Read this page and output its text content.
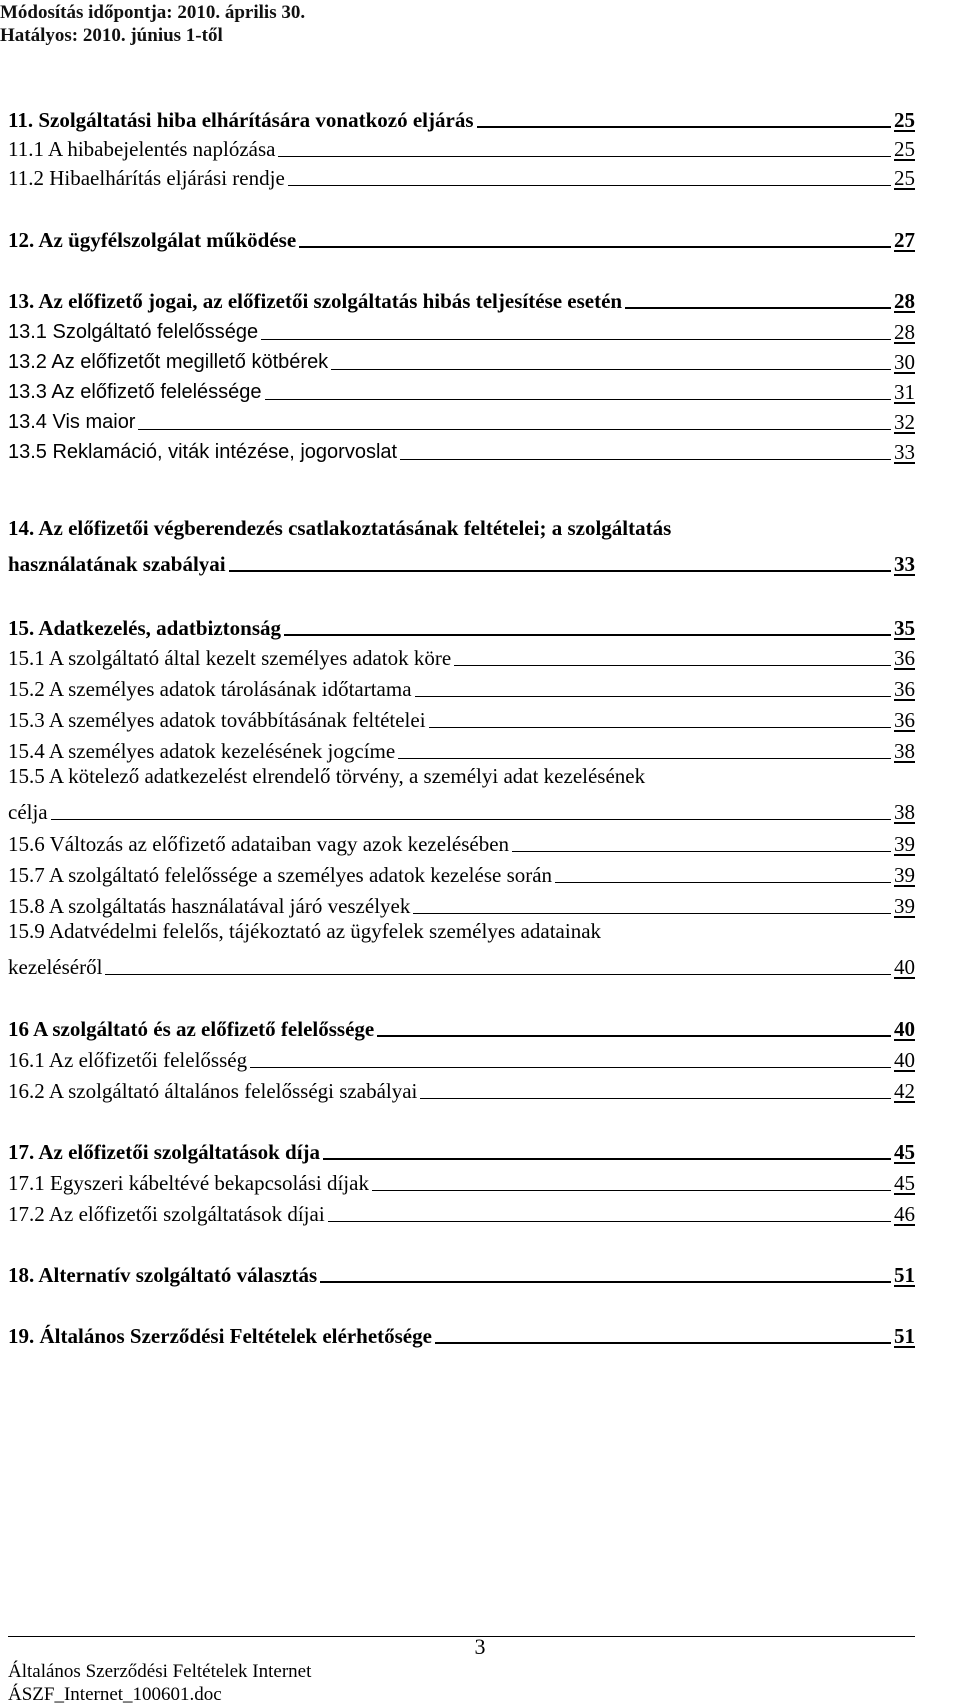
Módosítás időpontja: 2010. április 30.
Hatályos: 2010. június 1-től
11. Szolgáltatási hiba elhárítására vonatkozó eljárás	25
11.1 A hibabejelentés naplózása	25
11.2 Hibaelhárítás eljárási rendje	25
12. Az ügyfélszolgálat működése	27
13. Az előfizető jogai, az előfizetői szolgáltatás hibás teljesítése esetén	28
13.1 Szolgáltató felelőssége	28
13.2 Az előfizetőt megillető kötbérek	30
13.3 Az előfizető feleléssége	31
13.4 Vis maior	32
13.5 Reklamáció, viták intézése, jogorvoslat	33
14. Az előfizetői végberendezés csatlakoztatásának feltételei; a szolgáltatás
használatának szabályai	33
15. Adatkezelés, adatbiztonság	35
15.1 A szolgáltató által kezelt személyes adatok köre	36
15.2 A személyes adatok tárolásának időtartama	36
15.3 A személyes adatok továbbításának feltételei	36
15.4 A személyes adatok kezelésének jogcíme	38
15.5 A kötelező adatkezelést elrendelő törvény, a személyi adat kezelésének
célja	38
15.6 Változás az előfizető adataiban vagy azok kezelésében	39
15.7 A szolgáltató felelőssége a személyes adatok kezelése során	39
15.8 A szolgáltatás használatával járó veszélyek	39
15.9 Adatvédelmi felelős, tájékoztató az ügyfelek személyes adatainak
kezeléséről	40
16 A szolgáltató és az előfizető felelőssége	40
16.1 Az előfizetői felelősség	40
16.2 A szolgáltató általános felelősségi szabályai	42
17. Az előfizetői szolgáltatások díja	45
17.1 Egyszeri kábeltévé bekapcsolási díjak	45
17.2 Az előfizetői szolgáltatások díjai	46
18. Alternatív szolgáltató választás	51
19. Általános Szerződési Feltételek elérhetősége	51
3
Általános Szerződési Feltételek Internet
ÁSZF_Internet_100601.doc
